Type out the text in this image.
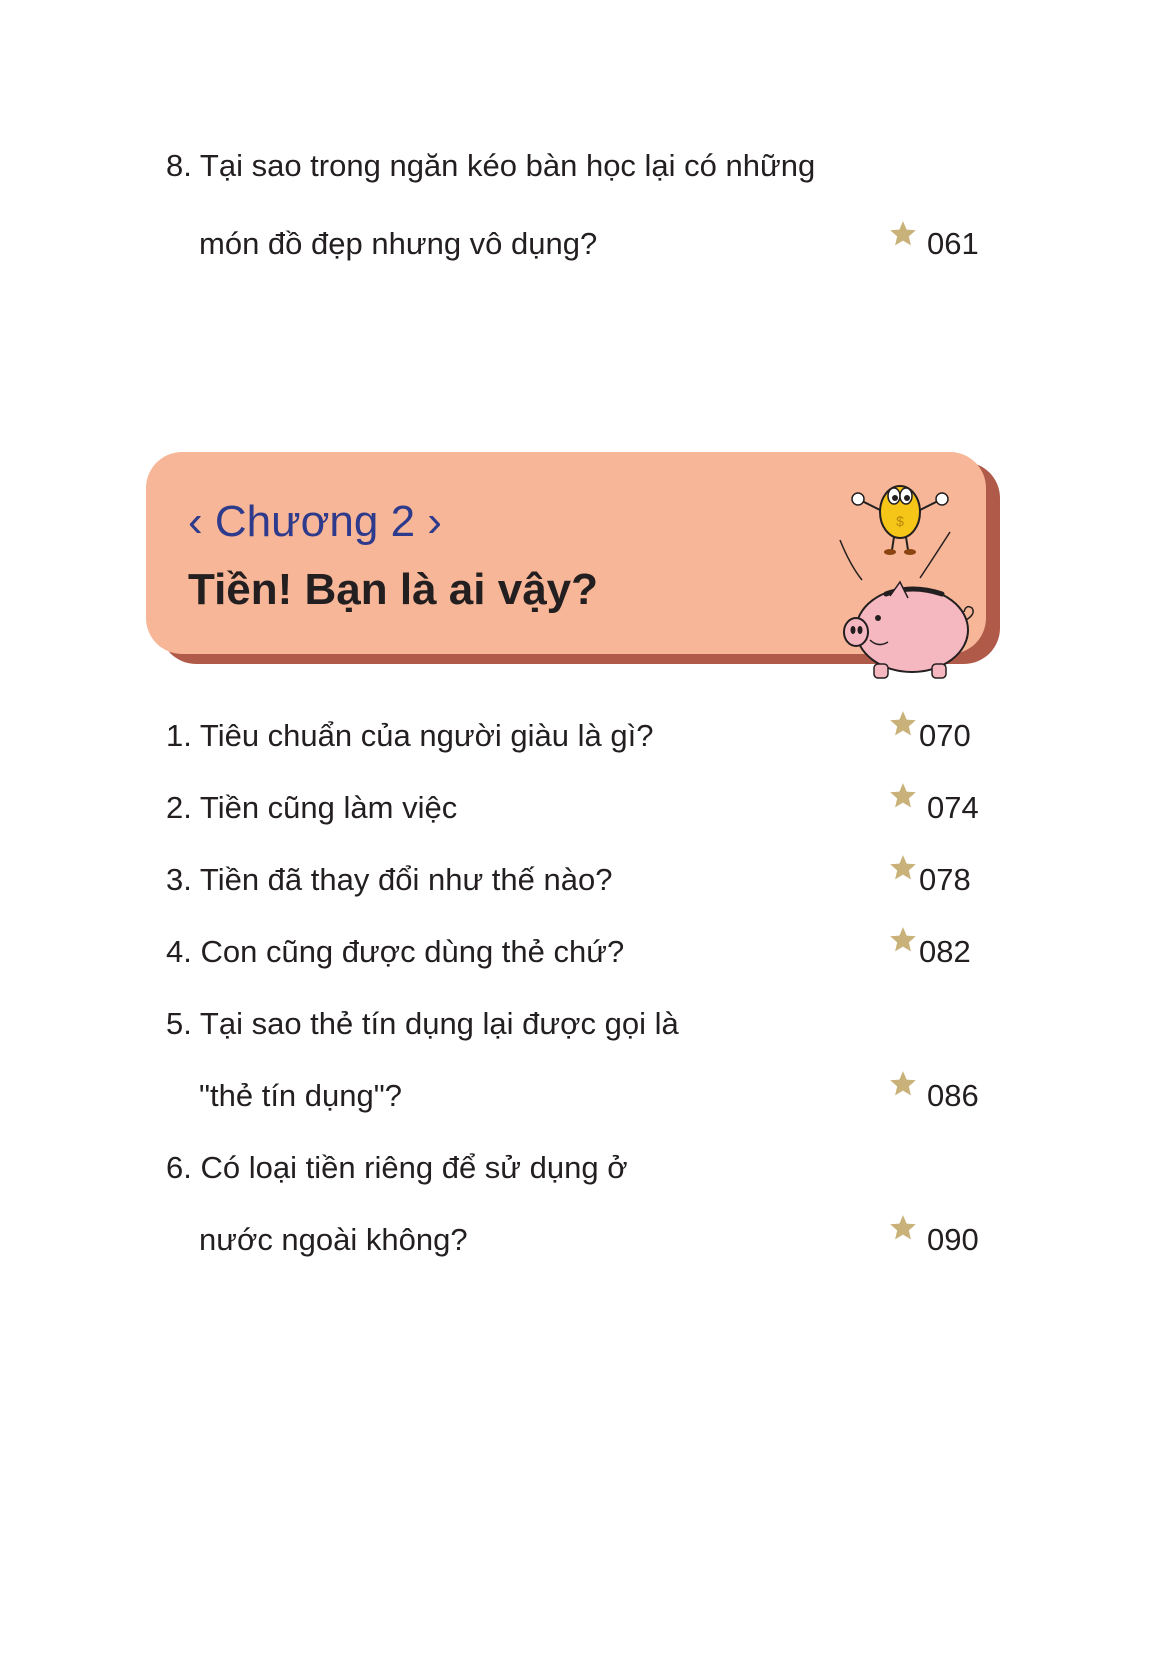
8. Tại sao trong ngăn kéo bàn học lại có những
món đồ đẹp nhưng vô dụng?	061
‹ Chương 2 ›
Tiền! Bạn là ai vậy?
$
1. Tiêu chuẩn của người giàu là gì?	070
2. Tiền cũng làm việc	074
3. Tiền đã thay đổi như thế nào?	078
4. Con cũng được dùng thẻ chứ?	082
5. Tại sao thẻ tín dụng lại được gọi là
"thẻ tín dụng"?	086
6. Có loại tiền riêng để sử dụng ở
nước ngoài không?	090
